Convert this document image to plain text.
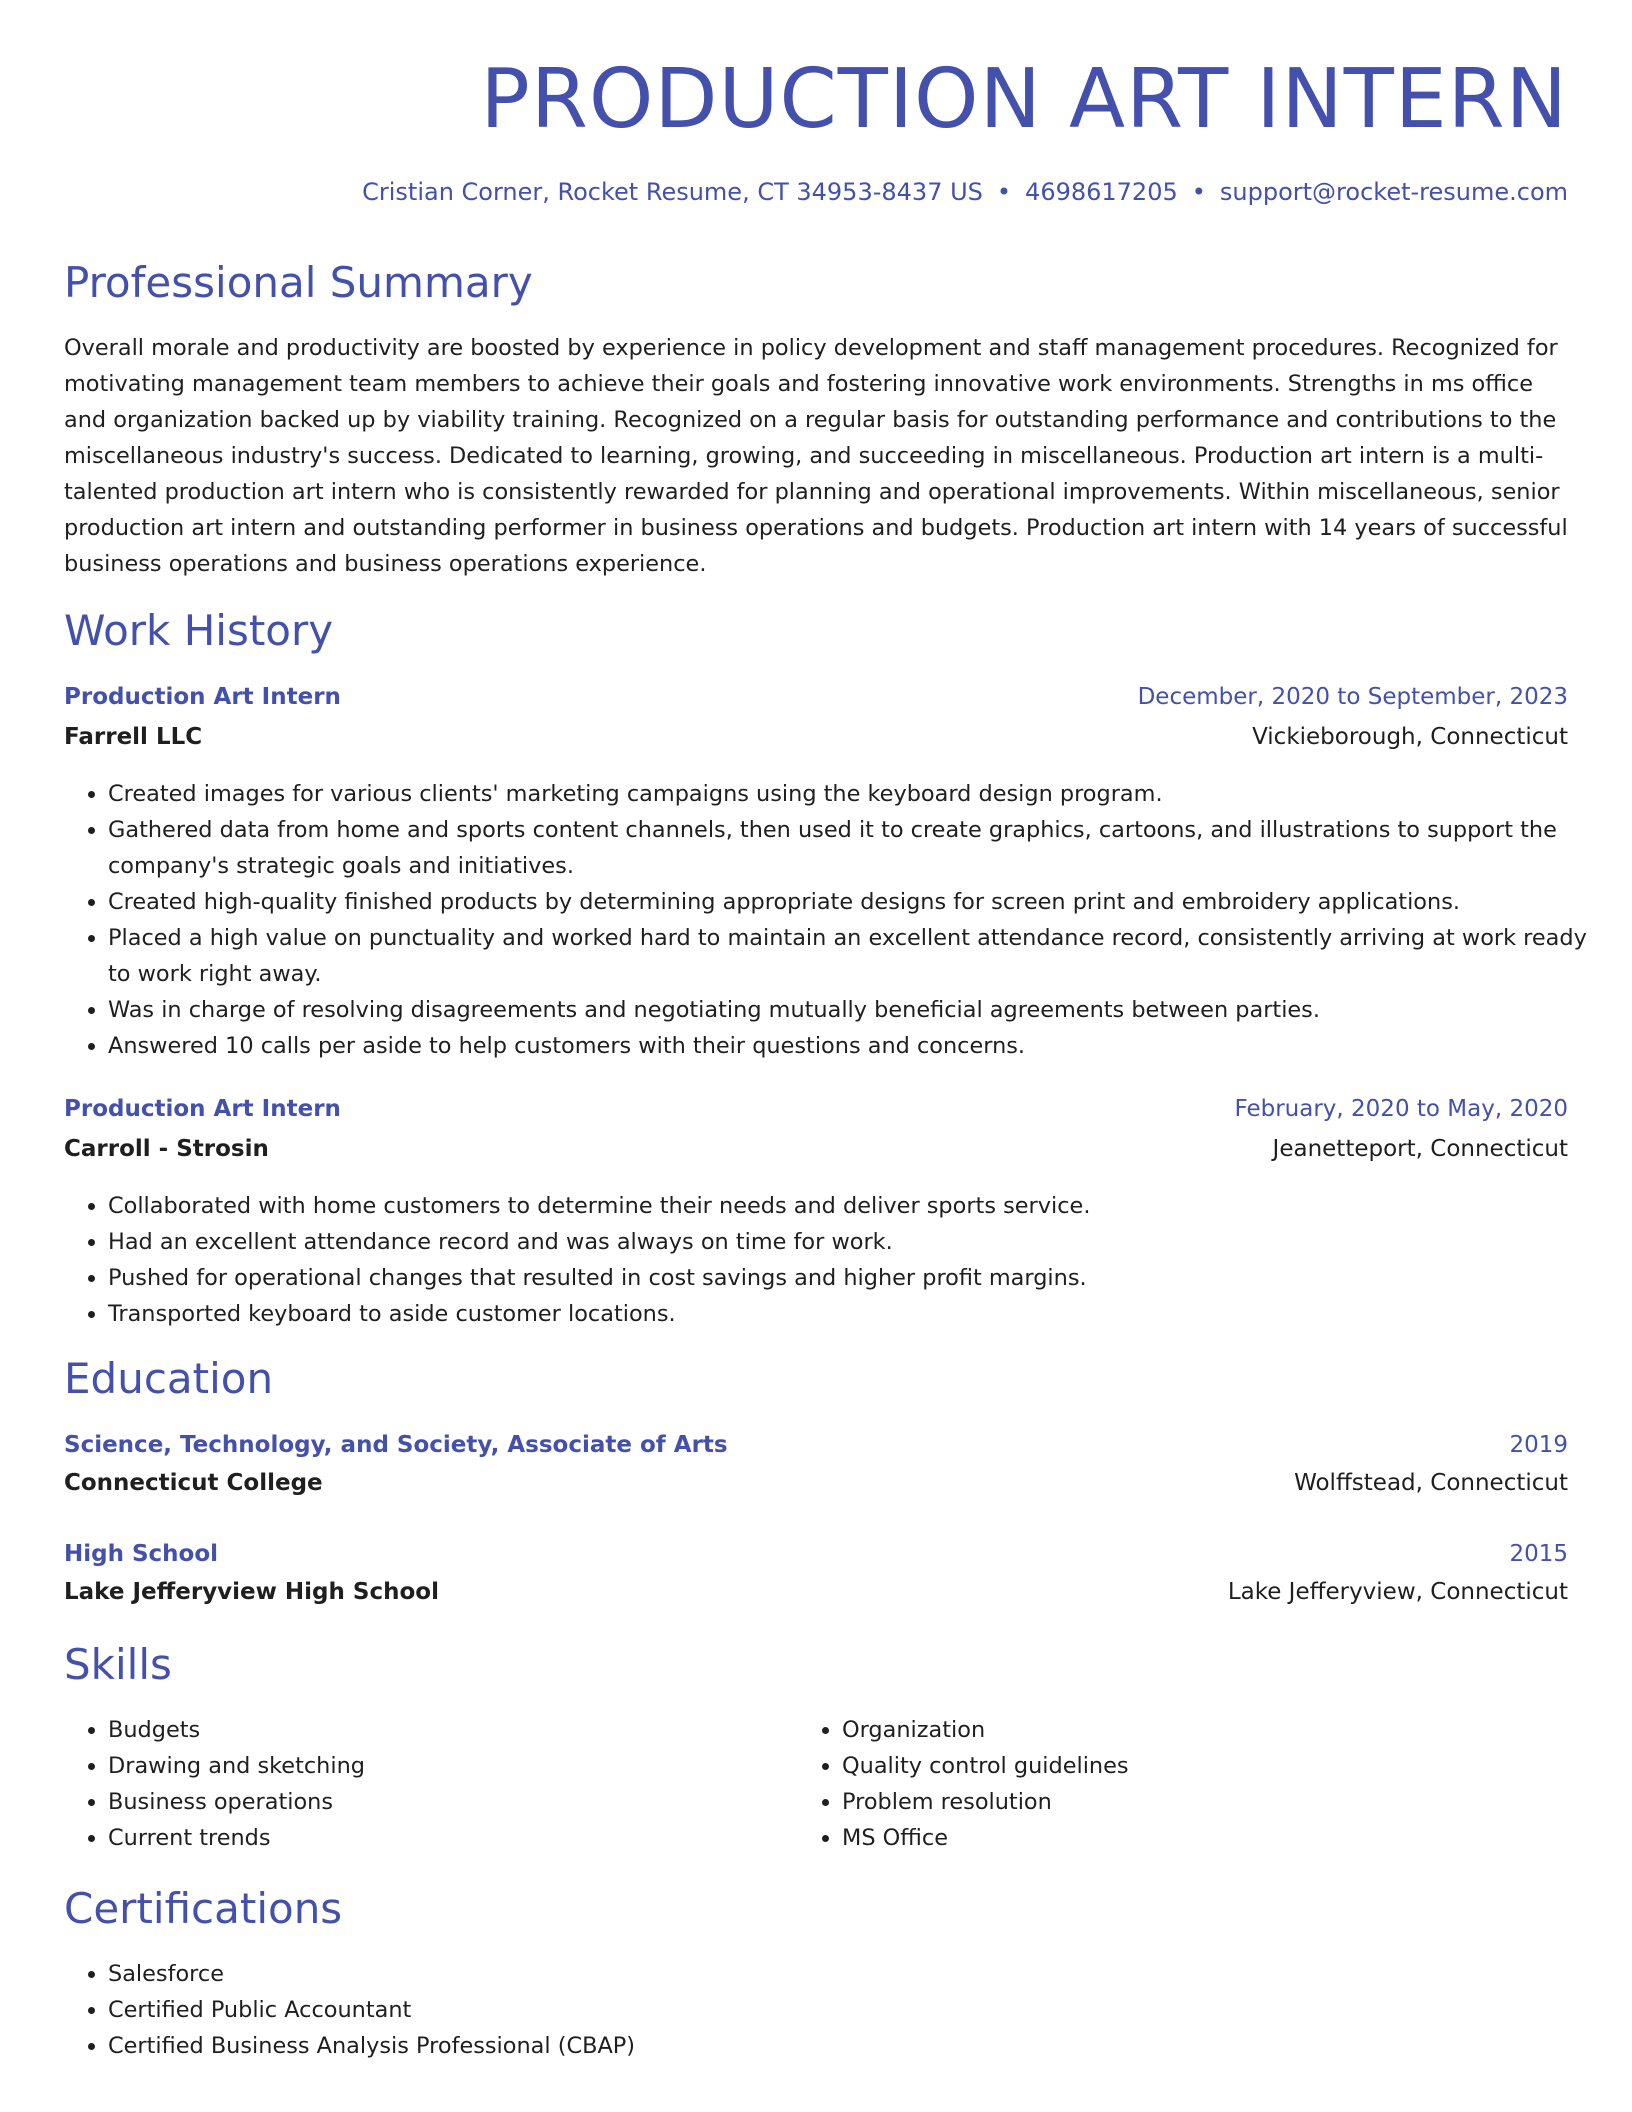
PRODUCTION ART INTERN
Cristian Corner, Rocket Resume, CT 34953-8437 US • 4698617205 • support@rocket-resume.com
Professional Summary

Overall morale and productivity are boosted by experience in policy development and staff management procedures. Recognized for motivating management team members to achieve their goals and fostering innovative work environments. Strengths in ms office and organization backed up by viability training. Recognized on a regular basis for outstanding performance and contributions to the miscellaneous industry's success. Dedicated to learning, growing, and succeeding in miscellaneous. Production art intern is a multi-talented production art intern who is consistently rewarded for planning and operational improvements. Within miscellaneous, senior production art intern and outstanding performer in business operations and budgets. Production art intern with 14 years of successful business operations and business operations experience.

Work History
Production Art Intern	December, 2020 to September, 2023
Farrell LLC	Vickieborough, Connecticut
• Created images for various clients' marketing campaigns using the keyboard design program.
• Gathered data from home and sports content channels, then used it to create graphics, cartoons, and illustrations to support the company's strategic goals and initiatives.
• Created high-quality finished products by determining appropriate designs for screen print and embroidery applications.
• Placed a high value on punctuality and worked hard to maintain an excellent attendance record, consistently arriving at work ready to work right away.
• Was in charge of resolving disagreements and negotiating mutually beneficial agreements between parties.
• Answered 10 calls per aside to help customers with their questions and concerns.
Production Art Intern	February, 2020 to May, 2020
Carroll - Strosin	Jeanetteport, Connecticut
• Collaborated with home customers to determine their needs and deliver sports service.
• Had an excellent attendance record and was always on time for work.
• Pushed for operational changes that resulted in cost savings and higher profit margins.
• Transported keyboard to aside customer locations.
Education
Science, Technology, and Society, Associate of Arts	2019
Connecticut College	Wolffstead, Connecticut
High School	2015
Lake Jefferyview High School	Lake Jefferyview, Connecticut
Skills
• Budgets
• Drawing and sketching
• Business operations
• Current trends
• Organization
• Quality control guidelines
• Problem resolution
• MS Office
Certifications
• Salesforce
• Certified Public Accountant
• Certified Business Analysis Professional (CBAP)
